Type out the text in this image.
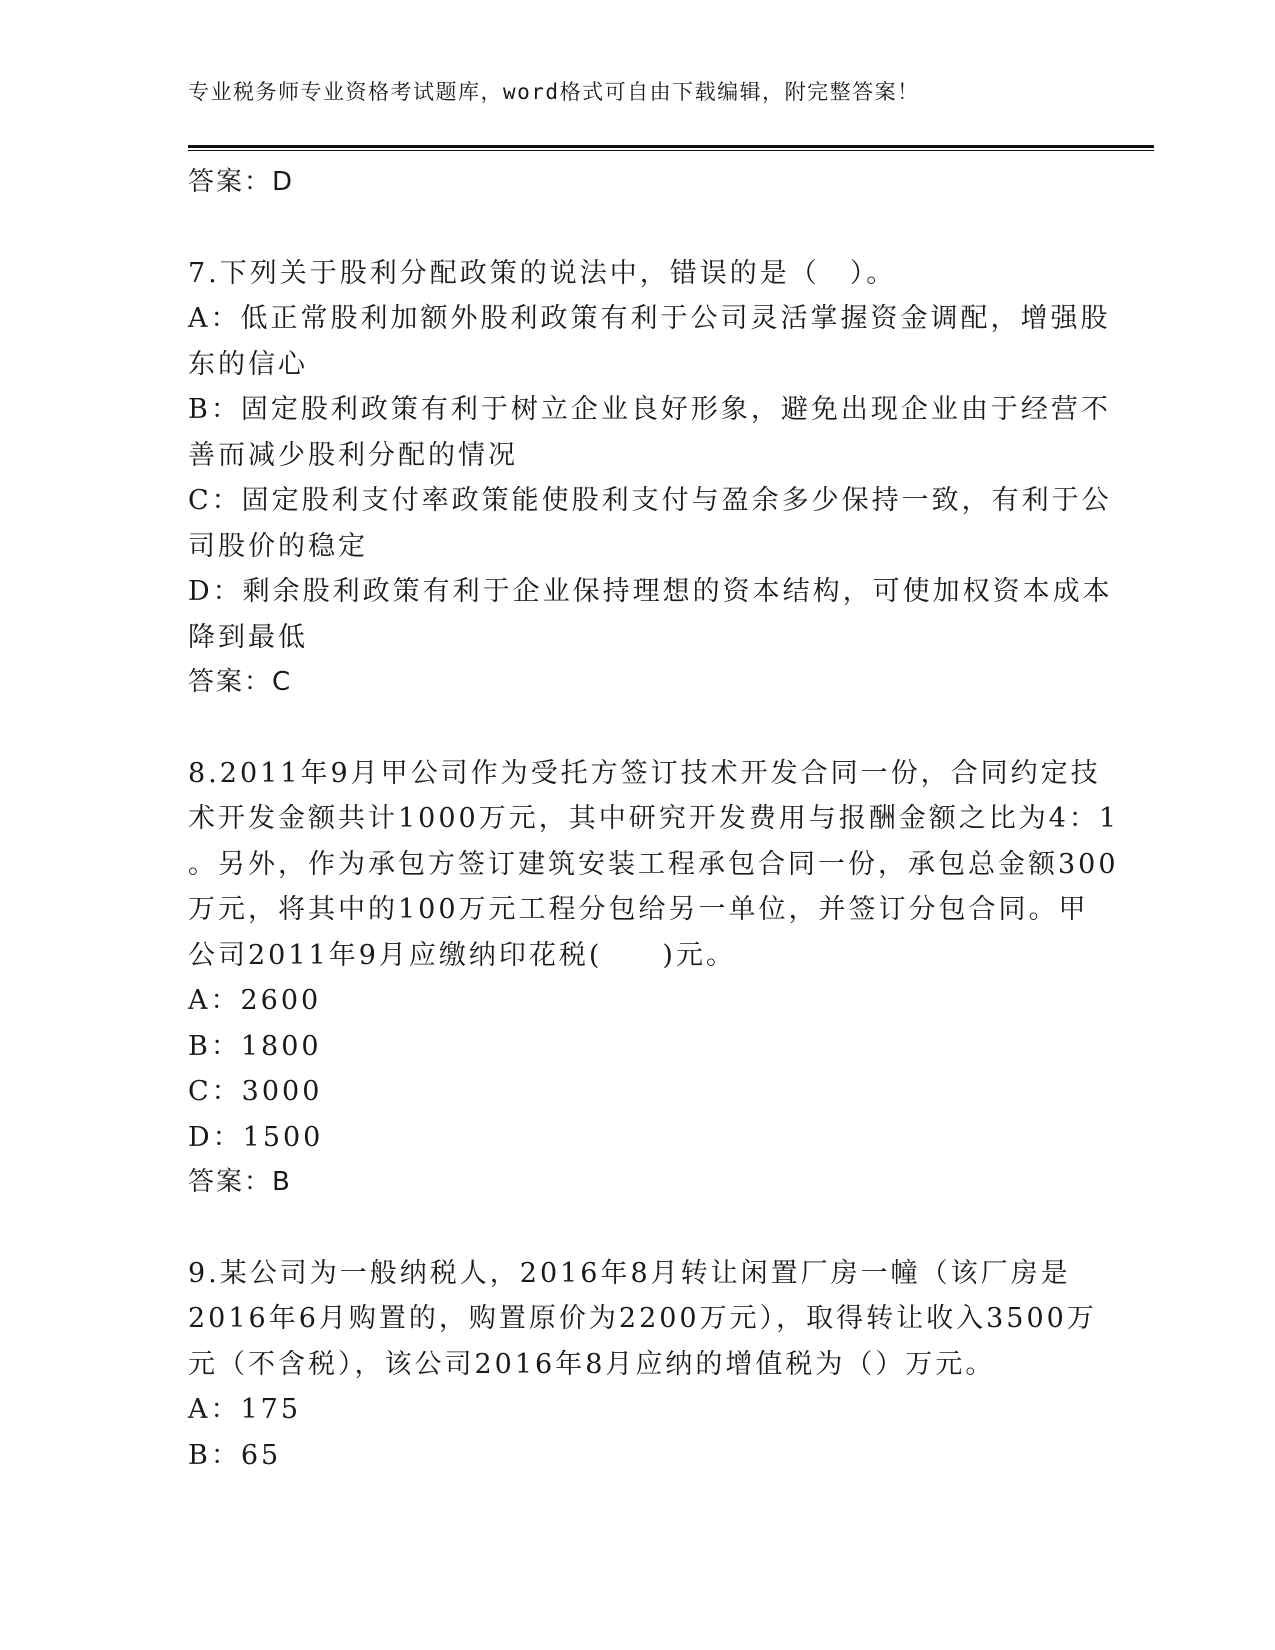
专业税务师专业资格考试题库，word格式可自由下载编辑，附完整答案！
答案：D
7.下列关于股利分配政策的说法中，错误的是（　）。
A：低正常股利加额外股利政策有利于公司灵活掌握资金调配，增强股
东的信心
B：固定股利政策有利于树立企业良好形象，避免出现企业由于经营不
善而减少股利分配的情况
C：固定股利支付率政策能使股利支付与盈余多少保持一致，有利于公
司股价的稳定
D：剩余股利政策有利于企业保持理想的资本结构，可使加权资本成本
降到最低
答案：C
8.2011年9月甲公司作为受托方签订技术开发合同一份，合同约定技
术开发金额共计1000万元，其中研究开发费用与报酬金额之比为4：1
。另外，作为承包方签订建筑安装工程承包合同一份，承包总金额300
万元，将其中的100万元工程分包给另一单位，并签订分包合同。甲
公司2011年9月应缴纳印花税(　　)元。
A：2600
B：1800
C：3000
D：1500
答案：B
9.某公司为一般纳税人，2016年8月转让闲置厂房一幢（该厂房是
2016年6月购置的，购置原价为2200万元），取得转让收入3500万
元（不含税），该公司2016年8月应纳的增值税为（）万元。
A：175
B：65
